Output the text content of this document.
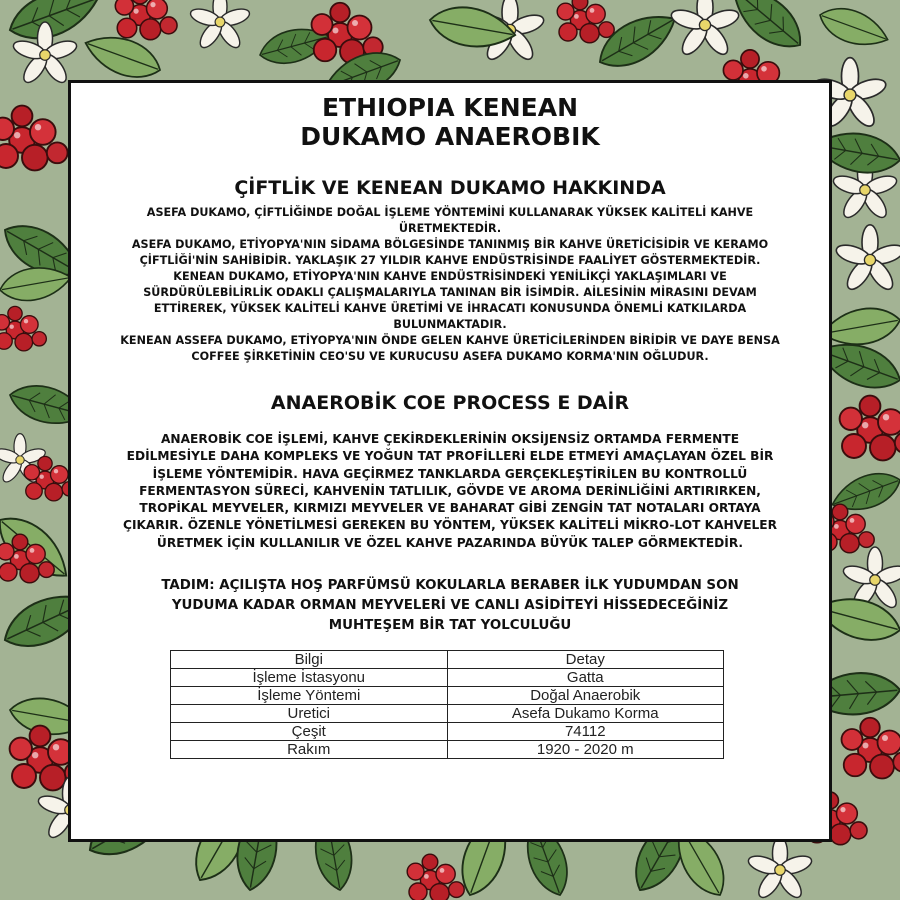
ETHIOPIA KENEAN
DUKAMO ANAEROBIK
ÇİFTLİK VE KENEAN DUKAMO HAKKINDA
ASEFA DUKAMO, ÇİFTLİĞİNDE DOĞAL İŞLEME YÖNTEMİNİ KULLANARAK YÜKSEK KALİTELİ KAHVE
ÜRETMEKTEDİR.
ASEFA DUKAMO, ETİYOPYA'NIN SİDAMA BÖLGESİNDE TANINMIŞ BİR KAHVE ÜRETİCİSİDİR VE KERAMO
ÇİFTLİĞİ'NİN SAHİBİDİR. YAKLAŞIK 27 YILDIR KAHVE ENDÜSTRİSİNDE FAALİYET GÖSTERMEKTEDİR.
KENEAN DUKAMO, ETİYOPYA'NIN KAHVE ENDÜSTRİSİNDEKİ YENİLİKÇİ YAKLAŞIMLARI VE
SÜRDÜRÜLEBİLİRLİK ODAKLI ÇALIŞMALARIYLA TANINAN BİR İSİMDİR. AİLESİNİN MİRASINI DEVAM
ETTİREREK, YÜKSEK KALİTELİ KAHVE ÜRETİMİ VE İHRACATI KONUSUNDA ÖNEMLİ KATKILARDA
BULUNMAKTADIR.
KENEAN ASSEFA DUKAMO, ETİYOPYA'NIN ÖNDE GELEN KAHVE ÜRETİCİLERİNDEN BİRİDİR VE DAYE BENSA
COFFEE ŞİRKETİNİN CEO'SU VE KURUCUSU ASEFA DUKAMO KORMA'NIN OĞLUDUR.
ANAEROBİK COE PROCESS E DAİR
ANAEROBİK COE İŞLEMİ, KAHVE ÇEKİRDEKLERİNİN OKSİJENSİZ ORTAMDA FERMENTE
EDİLMESİYLE DAHA KOMPLEKS VE YOĞUN TAT PROFİLLERİ ELDE ETMEYİ AMAÇLAYAN ÖZEL BİR
İŞLEME YÖNTEMİDİR. HAVA GEÇİRMEZ TANKLARDA GERÇEKLEŞTİRİLEN BU KONTROLLÜ
FERMENTASYON SÜRECİ, KAHVENİN TATLILIK, GÖVDE VE AROMA DERİNLİĞİNİ ARTIRIRKEN,
TROPİKAL MEYVELER, KIRMIZI MEYVELER VE BAHARAT GİBİ ZENGİN TAT NOTALARI ORTAYA
ÇIKARIR. ÖZENLE YÖNETİLMESİ GEREKEN BU YÖNTEM, YÜKSEK KALİTELİ MİKRO-LOT KAHVELER
ÜRETMEK İÇİN KULLANILIR VE ÖZEL KAHVE PAZARINDA BÜYÜK TALEP GÖRMEKTEDİR.
TADIM: AÇILIŞTA HOŞ PARFÜMSÜ KOKULARLA BERABER İLK YUDUMDAN SON
YUDUMA KADAR ORMAN MEYVELERİ VE CANLI ASİDİTEYİ HİSSEDECEĞİNİZ
MUHTEŞEM BİR TAT YOLCULUĞU
Bilgi	Detay
İşleme İstasyonu	Gatta
İşleme Yöntemi	Doğal Anaerobik
Uretici	Asefa Dukamo Korma
Çeşit	74112
Rakım	1920 - 2020 m
